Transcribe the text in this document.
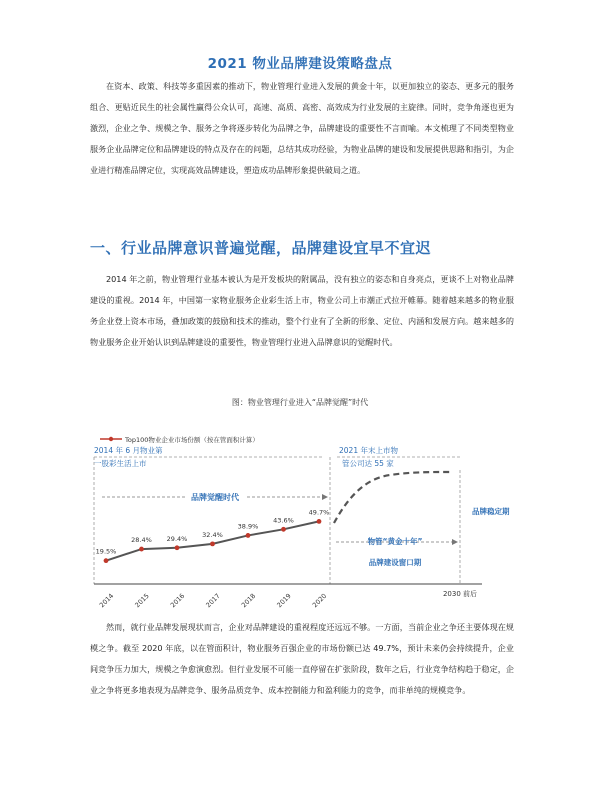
2021 物业品牌建设策略盘点

在资本、政策、科技等多重因素的推动下，物业管理行业进入发展的黄金十年，以更加独立的姿态、更多元的服务组合、更贴近民生的社会属性赢得公众认可，高速、高质、高密、高效成为行业发展的主旋律。同时，竞争角逐也更为激烈，企业之争、规模之争、服务之争将逐步转化为品牌之争，品牌建设的重要性不言而喻。本文梳理了不同类型物业服务企业品牌定位和品牌建设的特点及存在的问题，总结其成功经验，为物业品牌的建设和发展提供思路和指引，为企业进行精准品牌定位，实现高效品牌建设，塑造成功品牌形象提供破局之道。

一、行业品牌意识普遍觉醒，品牌建设宜早不宜迟

2014 年之前，物业管理行业基本被认为是开发板块的附属品，没有独立的姿态和自身亮点，更谈不上对物业品牌建设的重视。2014 年，中国第一家物业服务企业彩生活上市，物业公司上市潮正式拉开帷幕。随着越来越多的物业服务企业登上资本市场，叠加政策的鼓励和技术的推动，整个行业有了全新的形象、定位、内涵和发展方向。越来越多的物业服务企业开始认识到品牌建设的重要性，物业管理行业进入品牌意识的觉醒时代。

图：物业管理行业进入“品牌觉醒”时代
Top100物业企业市场份额（按在管面积计算）
2014 年 6 月物业第
一股彩生活上市
2021 年末上市物
管公司达 55 家
品牌觉醒时代
物管“黄金十年”
品牌建设窗口期
品牌稳定期
19.5%
28.4% 29.4% 32.4%
38.9%
43.6%
49.7%
2014	2015	2016	2017	2018	2019	2020	2030 前后

然而，就行业品牌发展现状而言，企业对品牌建设的重视程度还远远不够。一方面，当前企业之争还主要体现在规模之争。截至 2020 年底，以在管面积计，物业服务百强企业的市场份额已达 49.7%，预计未来仍会持续提升，企业间竞争压力加大，规模之争愈演愈烈。但行业发展不可能一直停留在扩张阶段，数年之后，行业竞争结构趋于稳定，企业之争将更多地表现为品牌竞争、服务品质竞争、成本控制能力和盈利能力的竞争，而非单纯的规模竞争。
